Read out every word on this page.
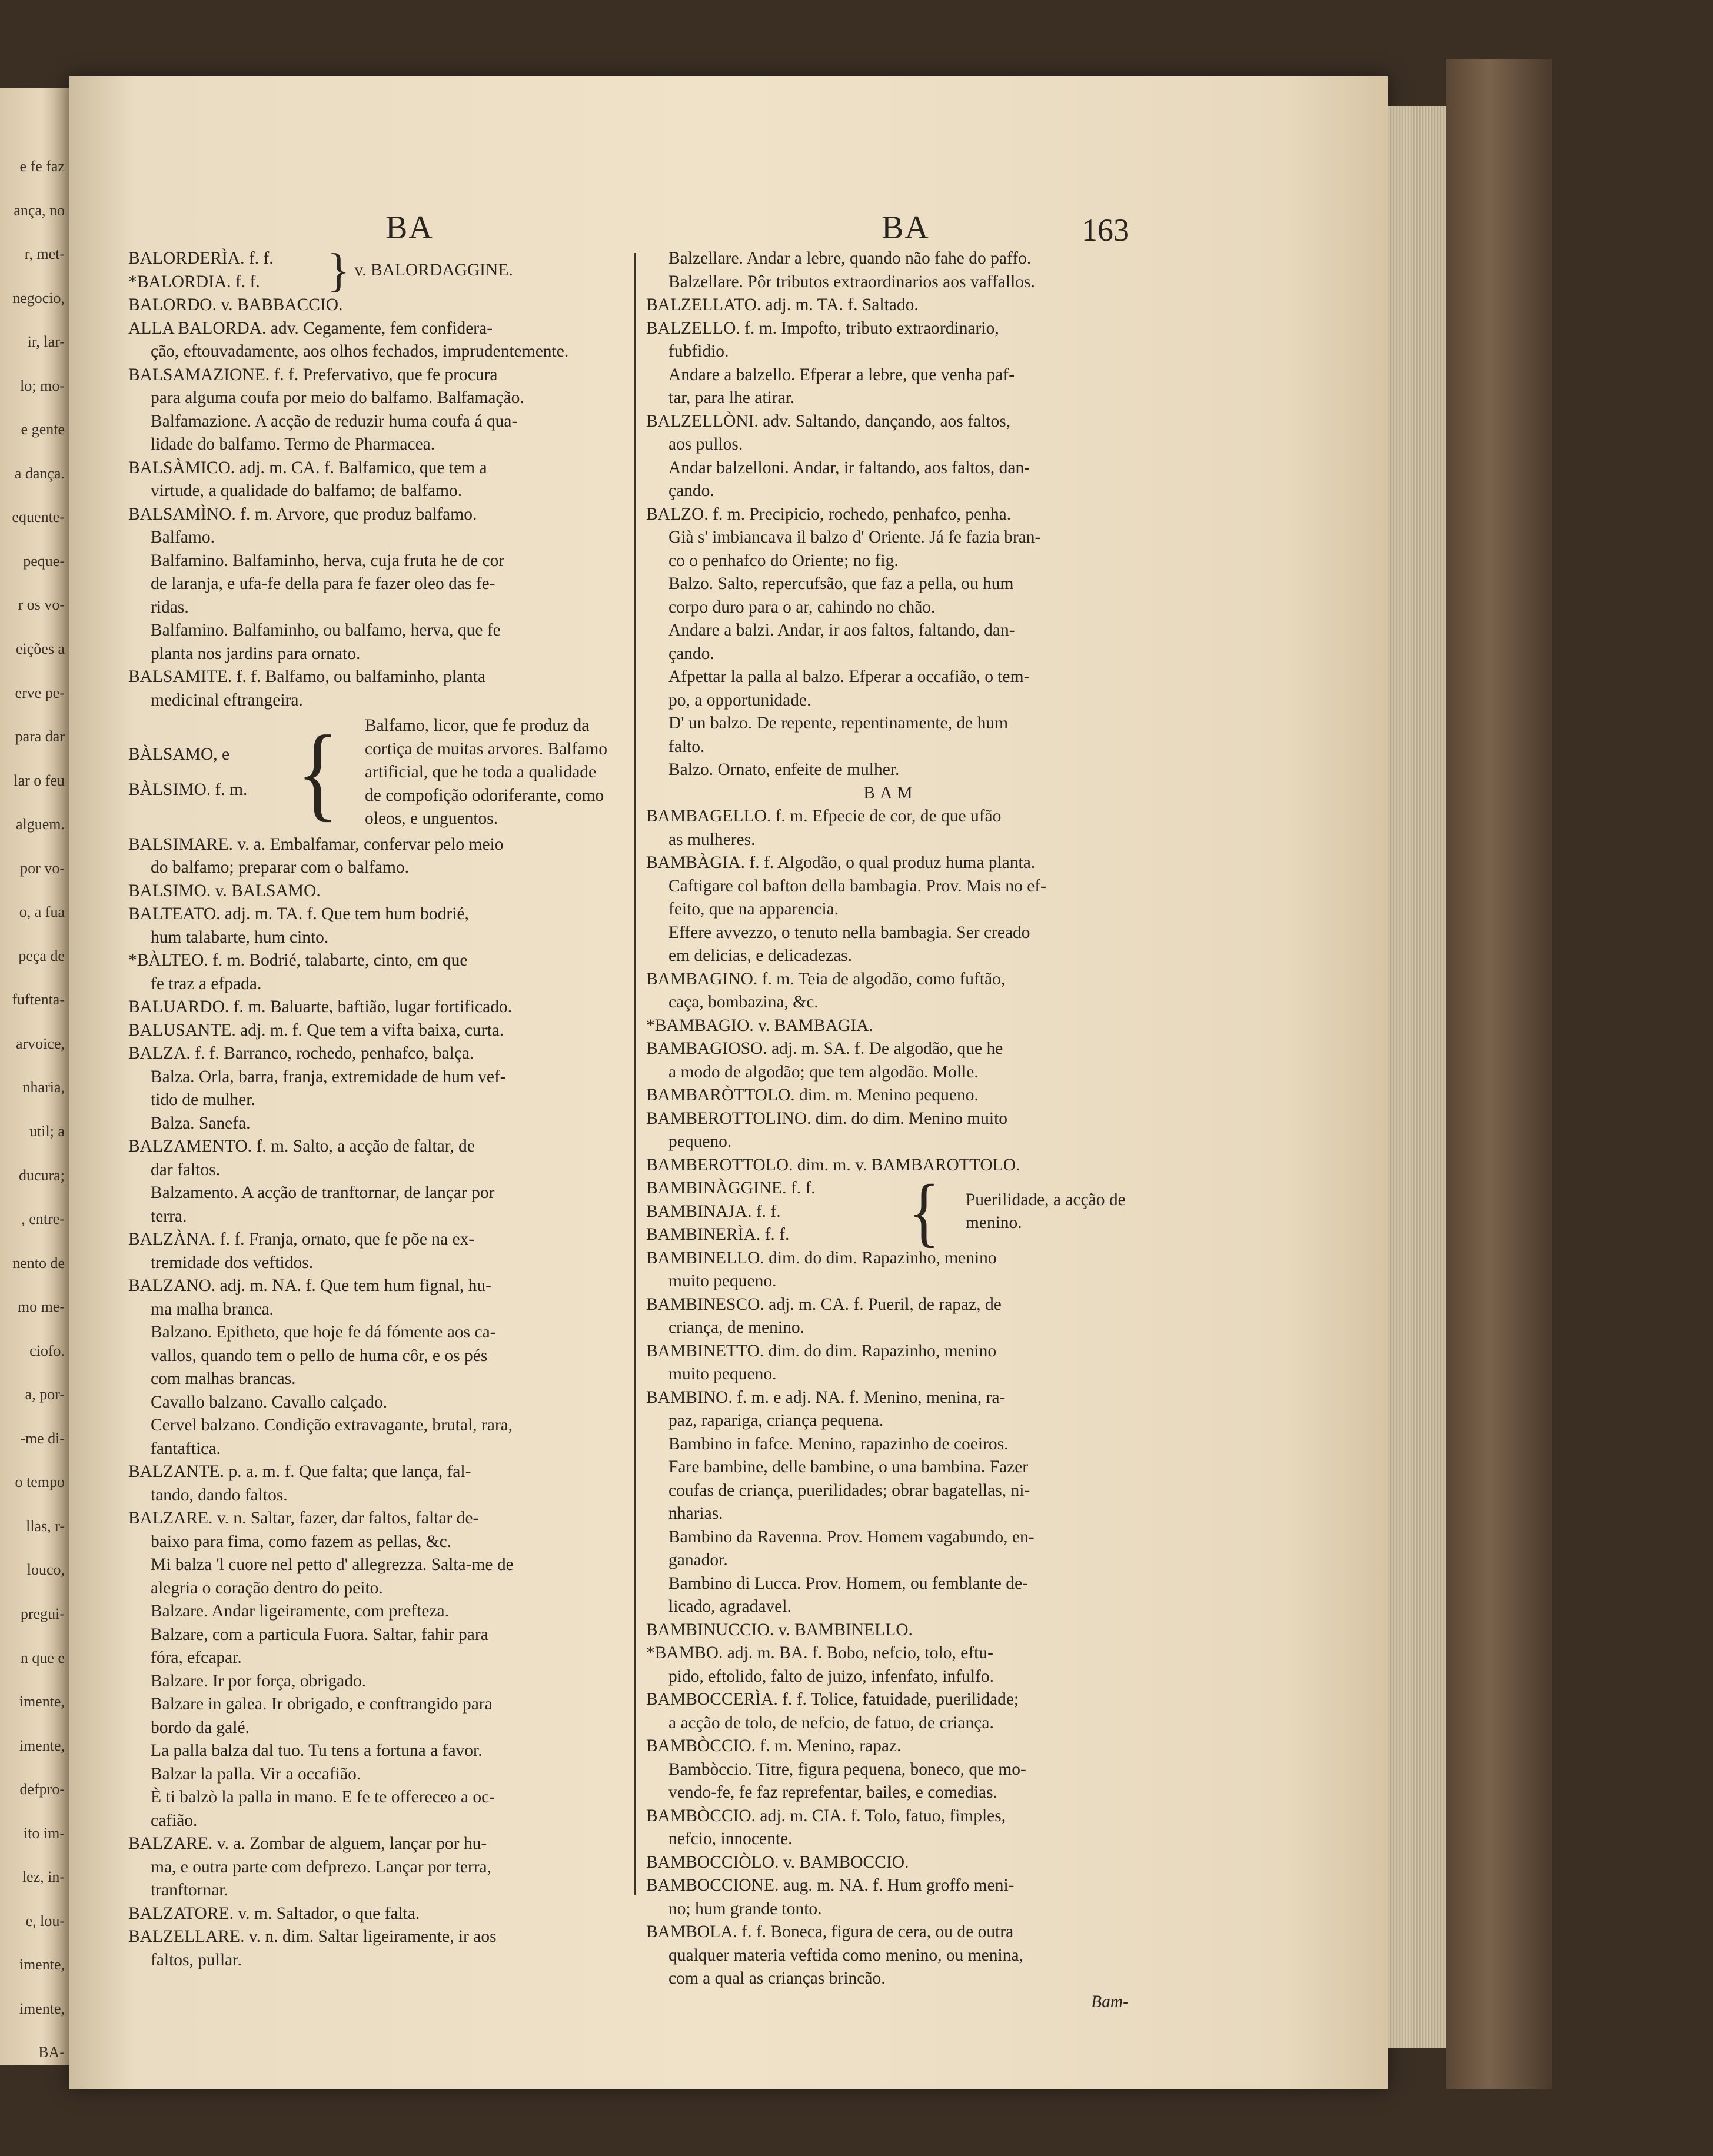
e fe faz
ança, no
r, met-
negocio,
ir, lar-
lo; mo-
e gente
a dança.
equente-
peque-
r os vo-
eições a
erve pe-
para dar
lar o feu
alguem.
por vo-
o, a fua
peça de
fuftenta-
arvoice,
nharia,
util; a
ducura;
, entre-
nento de
mo me-
ciofo.
a, por-
-me di-
o tempo
llas, r-
louco,
pregui-
n que e
imente,
imente,
defpro-
ito im-
lez, in-
e, lou-
imente,
imente,
BA-
BA	BA	163
BALORDERÌA. f. f.
*BALORDIA. f. f.	} v. BALORDAGGINE.
BALORDO. v. BABBACCIO.
ALLA BALORDA. adv. Cegamente, fem confidera-
ção, eftouvadamente, aos olhos fechados, imprudentemente.
BALSAMAZIONE. f. f. Prefervativo, que fe procura
para alguma coufa por meio do balfamo. Balfamação.
Balfamazione. A acção de reduzir huma coufa á qua-
lidade do balfamo. Termo de Pharmacea.
BALSÀMICO. adj. m. CA. f. Balfamico, que tem a
virtude, a qualidade do balfamo; de balfamo.
BALSAMÌNO. f. m. Arvore, que produz balfamo.
Balfamo.
Balfamino. Balfaminho, herva, cuja fruta he de cor
de laranja, e ufa-fe della para fe fazer oleo das fe-
ridas.
Balfamino. Balfaminho, ou balfamo, herva, que fe
planta nos jardins para ornato.
BALSAMITE. f. f. Balfamo, ou balfaminho, planta
medicinal eftrangeira.
BÀLSAMO, e
BÀLSIMO. f. m. {	Balfamo, licor, que fe produz da
cortiça de muitas arvores. Balfamo
artificial, que he toda a qualidade
de compofição odoriferante, como
oleos, e unguentos.
BALSIMARE. v. a. Embalfamar, confervar pelo meio
do balfamo; preparar com o balfamo.
BALSIMO. v. BALSAMO.
BALTEATO. adj. m. TA. f. Que tem hum bodrié,
hum talabarte, hum cinto.
*BÀLTEO. f. m. Bodrié, talabarte, cinto, em que
fe traz a efpada.
BALUARDO. f. m. Baluarte, baftião, lugar fortificado.
BALUSANTE. adj. m. f. Que tem a vifta baixa, curta.
BALZA. f. f. Barranco, rochedo, penhafco, balça.
Balza. Orla, barra, franja, extremidade de hum vef-
tido de mulher.
Balza. Sanefa.
BALZAMENTO. f. m. Salto, a acção de faltar, de
dar faltos.
Balzamento. A acção de tranftornar, de lançar por
terra.
BALZÀNA. f. f. Franja, ornato, que fe põe na ex-
tremidade dos veftidos.
BALZANO. adj. m. NA. f. Que tem hum fignal, hu-
ma malha branca.
Balzano. Epitheto, que hoje fe dá fómente aos ca-
vallos, quando tem o pello de huma côr, e os pés
com malhas brancas.
Cavallo balzano. Cavallo calçado.
Cervel balzano. Condição extravagante, brutal, rara,
fantaftica.
BALZANTE. p. a. m. f. Que falta; que lança, fal-
tando, dando faltos.
BALZARE. v. n. Saltar, fazer, dar faltos, faltar de-
baixo para fima, como fazem as pellas, &c.
Mi balza 'l cuore nel petto d' allegrezza. Salta-me de
alegria o coração dentro do peito.
Balzare. Andar ligeiramente, com prefteza.
Balzare, com a particula Fuora. Saltar, fahir para
fóra, efcapar.
Balzare. Ir por força, obrigado.
Balzare in galea. Ir obrigado, e conftrangido para
bordo da galé.
La palla balza dal tuo. Tu tens a fortuna a favor.
Balzar la palla. Vir a occafião.
È ti balzò la palla in mano. E fe te offereceo a oc-
cafião.
BALZARE. v. a. Zombar de alguem, lançar por hu-
ma, e outra parte com defprezo. Lançar por terra,
tranftornar.
BALZATORE. v. m. Saltador, o que falta.
BALZELLARE. v. n. dim. Saltar ligeiramente, ir aos
faltos, pullar.
Balzellare. Andar a lebre, quando não fahe do paffo.
Balzellare. Pôr tributos extraordinarios aos vaffallos.
BALZELLATO. adj. m. TA. f. Saltado.
BALZELLO. f. m. Impofto, tributo extraordinario,
fubfidio.
Andare a balzello. Efperar a lebre, que venha paf-
tar, para lhe atirar.
BALZELLÒNI. adv. Saltando, dançando, aos faltos,
aos pullos.
Andar balzelloni. Andar, ir faltando, aos faltos, dan-
çando.
BALZO. f. m. Precipicio, rochedo, penhafco, penha.
Già s' imbiancava il balzo d' Oriente. Já fe fazia bran-
co o penhafco do Oriente; no fig.
Balzo. Salto, repercufsão, que faz a pella, ou hum
corpo duro para o ar, cahindo no chão.
Andare a balzi. Andar, ir aos faltos, faltando, dan-
çando.
Afpettar la palla al balzo. Efperar a occafião, o tem-
po, a opportunidade.
D' un balzo. De repente, repentinamente, de hum
falto.
Balzo. Ornato, enfeite de mulher.
BAM
BAMBAGELLO. f. m. Efpecie de cor, de que ufão
as mulheres.
BAMBÀGIA. f. f. Algodão, o qual produz huma planta.
Caftigare col bafton della bambagia. Prov. Mais no ef-
feito, que na apparencia.
Effere avvezzo, o tenuto nella bambagia. Ser creado
em delicias, e delicadezas.
BAMBAGINO. f. m. Teia de algodão, como fuftão,
caça, bombazina, &c.
*BAMBAGIO. v. BAMBAGIA.
BAMBAGIOSO. adj. m. SA. f. De algodão, que he
a modo de algodão; que tem algodão. Molle.
BAMBARÒTTOLO. dim. m. Menino pequeno.
BAMBEROTTOLINO. dim. do dim. Menino muito
pequeno.
BAMBEROTTOLO. dim. m. v. BAMBAROTTOLO.
BAMBINÀGGINE. f. f.
BAMBINAJA. f. f.
BAMBINERÌA. f. f.	{	Puerilidade, a acção de
menino.
BAMBINELLO. dim. do dim. Rapazinho, menino
muito pequeno.
BAMBINESCO. adj. m. CA. f. Pueril, de rapaz, de
criança, de menino.
BAMBINETTO. dim. do dim. Rapazinho, menino
muito pequeno.
BAMBINO. f. m. e adj. NA. f. Menino, menina, ra-
paz, rapariga, criança pequena.
Bambino in fafce. Menino, rapazinho de coeiros.
Fare bambine, delle bambine, o una bambina. Fazer
coufas de criança, puerilidades; obrar bagatellas, ni-
nharias.
Bambino da Ravenna. Prov. Homem vagabundo, en-
ganador.
Bambino di Lucca. Prov. Homem, ou femblante de-
licado, agradavel.
BAMBINUCCIO. v. BAMBINELLO.
*BAMBO. adj. m. BA. f. Bobo, nefcio, tolo, eftu-
pido, eftolido, falto de juizo, infenfato, infulfo.
BAMBOCCERÌA. f. f. Tolice, fatuidade, puerilidade;
a acção de tolo, de nefcio, de fatuo, de criança.
BAMBÒCCIO. f. m. Menino, rapaz.
Bambòccio. Titre, figura pequena, boneco, que mo-
vendo-fe, fe faz reprefentar, bailes, e comedias.
BAMBÒCCIO. adj. m. CIA. f. Tolo, fatuo, fimples,
nefcio, innocente.
BAMBOCCIÒLO. v. BAMBOCCIO.
BAMBOCCIONE. aug. m. NA. f. Hum groffo meni-
no; hum grande tonto.
BAMBOLA. f. f. Boneca, figura de cera, ou de outra
qualquer materia veftida como menino, ou menina,
com a qual as crianças brincão.
Bam-
